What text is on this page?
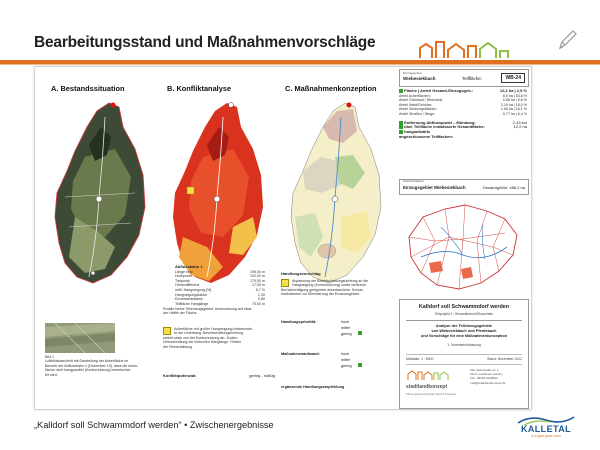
Bearbeitungsstand und Maßnahmenvorschläge
A. Bestandssituation	B. Konfliktanalyse	C. Maßnahmenkonzeption
Bild 1
Luftbildausschnitt mit Darstellung der Ackerfläche im
Bereich der Abflussbahn 1 (Dezember 19), dass die Acker-
fläche nicht hangparallel (Konturnutzung) bewirtschaf-
tet wird.
Abflussbahn 1
Länge max	195,00 m
Hochpunkt	192,00 m
Tiefpunkt	175,00 m
Höhendifferenz	17,00 m
mittl. Hangneigung [%]	8,7 %
Hangneigungsfaktor	1,30
Einzelrandsfaktor	0,80
Teilfläche Hanglänge	70,00 m
Rotalle kleine Teileinzugsgebiet: Ackernutzung auf etwa
der Hälfte der Fläche.
Ackerfläche mit großer Hangneigung insbesonde-
re am Unterhang. Bewirtschaftungsrichtung
weicht stark von der Konturnutzung ab. Zudem
Überschreitung der kritischen Hanglänge. Gefahr
der Rinnenbildung.
Konfliktpotenzial:	gering - mäßig
Handlungsvorschlag
Anpassung der Bewirtschaftungsrichtung an die
Hangneigung (Konturnutzung) sowie weiterhin
Berücksichtigung geeigneter ackerbaulicher Schutz-
maßnahmen zur Minimierung der Erosionsgefahr.
Handlungspriorität:	hoch
mittel
gering
Maßnahmenaufwand:	hoch
mittel
gering
ergänzende Handlungsempfehlung
Einzugsgebiet
Wiebesiekbach	Teilfläche:	WB-24
Fläche | Anteil Gesamt-Einzugsgeb.:	12,2 ha | 2,5 %
Anteil Ackerflächen:	6,5 ha | 53,8 %
Anteil Grünland / Streuobst:	0,68 ha | 5,6 %
Anteil Wald/Gehölze:	2,18 ha | 18,0 %
Anteil Siedlungsflächen:	1,96 ha | 16,1 %
Anteil Straßen / Wege:	0,77 ha | 6,4 %
Entfernung Abflusspunkt – Mündung:	2,43 km
über Teilfläche entwässerte Gesamtfläche:	12,2 ha
hangaufwärts
angeschlossene Teilflächen:
Übersichtskarte
Einzugsgebiet Wiebesiekbach	Gesamtgröße: 486,2 ha
Kalldorf soll Schwammdorf werden
Teilprojekt 1: Gesamtbericht/Gutachten
Analyse der Teileinzugsgebiete
von Wiebesiekbach und Pferdebach
und Vorschläge für eine Maßnahmenkonzeption
1. Vorentwurfsfassung
Maßstab: 1 : 5000	Stand: November 2022
stadtlandkonzept
Planungsgemeinschaft Stadt & Freiraum
Alte Steinstraße str. 1
32xxx Landkreis (westf.)
Fon: 05253 9128890
mail@stadtlandkonzept.de
„Kalldorf soll Schwammdorf werden“ • Zwischenergebnisse	KALLETAL
in Lippe ganz vorn
